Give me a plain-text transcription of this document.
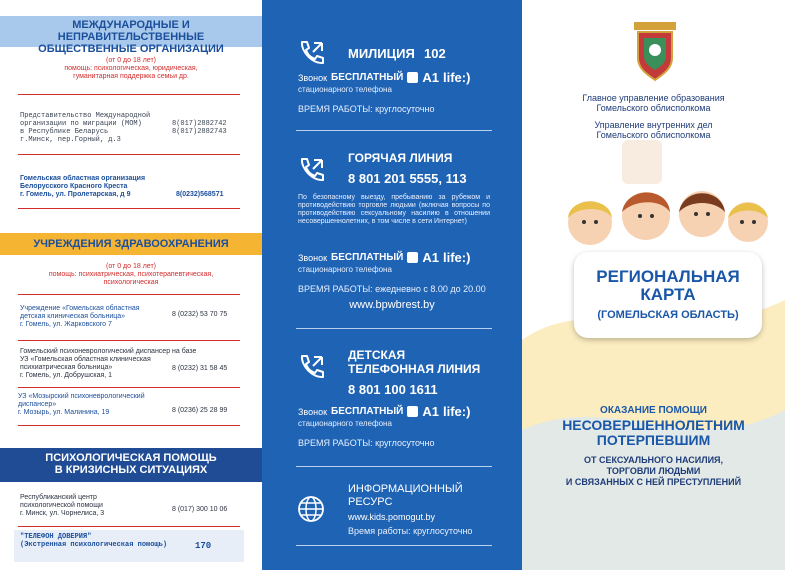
МЕЖДУНАРОДНЫЕ И НЕПРАВИТЕЛЬСТВЕННЫЕ
ОБЩЕСТВЕННЫЕ ОРГАНИЗАЦИИ
(от 0 до 18 лет)
помощь: психологическая, юридическая,
гуманитарная поддержка семьи др.
Представительство Международной
организации по миграции (МОМ)
в Республике Беларусь
г.Минск, пер.Горный, д.3
8(017)2882742
8(017)2882743
Гомельская областная организация
Белорусского Красного Креста
г. Гомель, ул. Пролетарская, д 9	8(0232)568571
УЧРЕЖДЕНИЯ ЗДРАВООХРАНЕНИЯ
(от 0 до 18 лет)
помощь: психиатрическая, психотерапевтическая,
психологическая
Учреждение «Гомельская областная
детская клиническая больница»
г. Гомель, ул. Жарковского 7
8 (0232) 53 70 75
Гомельский психоневрологический диспансер на базе
УЗ «Гомельская областная клиническая
психиатрическая больница»
г. Гомель, ул. Добрушская, 1
8 (0232) 31 58 45
УЗ «Мозырский психоневрологический
диспансер»
г. Мозырь, ул. Малинина, 19	8 (0236) 25 28 99
ПСИХОЛОГИЧЕСКАЯ ПОМОЩЬ
В КРИЗИСНЫХ СИТУАЦИЯХ
Республиканский центр
психологической помощи
г. Минск, ул. Чорнелиса, 3
8 (017) 300 10 06
"ТЕЛЕФОН ДОВЕРИЯ"
(Экстренная психологическая помощь)	170
МИЛИЦИЯ 102
Звонок БЕСПЛАТНЫЙ A1 life:)
стационарного телефона
ВРЕМЯ РАБОТЫ: круглосуточно
ГОРЯЧАЯ ЛИНИЯ
8 801 201 5555, 113
По безопасному выезду, пребыванию за рубежом и противодействию торговле людьми (включая вопросы по противодействию сексуальному насилию в отношении несовершеннолетних, в том числе в сети Интернет)
Звонок БЕСПЛАТНЫЙ A1 life:)
стационарного телефона
ВРЕМЯ РАБОТЫ: ежедневно с 8.00 до 20.00
www.bpwbrest.by
ДЕТСКАЯ
ТЕЛЕФОННАЯ ЛИНИЯ
8 801 100 1611
Звонок БЕСПЛАТНЫЙ A1 life:)
стационарного телефона
ВРЕМЯ РАБОТЫ: круглосуточно
ИНФОРМАЦИОННЫЙ
РЕСУРС
www.kids.pomogut.by
Время работы: круглосуточно
Главное управление образования
Гомельского облисполкома
Управление внутренних дел
Гомельского облисполкома
РЕГИОНАЛЬНАЯ
КАРТА
(ГОМЕЛЬСКАЯ ОБЛАСТЬ)
ОКАЗАНИЕ ПОМОЩИ
НЕСОВЕРШЕННОЛЕТНИМ
ПОТЕРПЕВШИМ
ОТ СЕКСУАЛЬНОГО НАСИЛИЯ,
ТОРГОВЛИ ЛЮДЬМИ
И СВЯЗАННЫХ С НЕЙ ПРЕСТУПЛЕНИЙ
